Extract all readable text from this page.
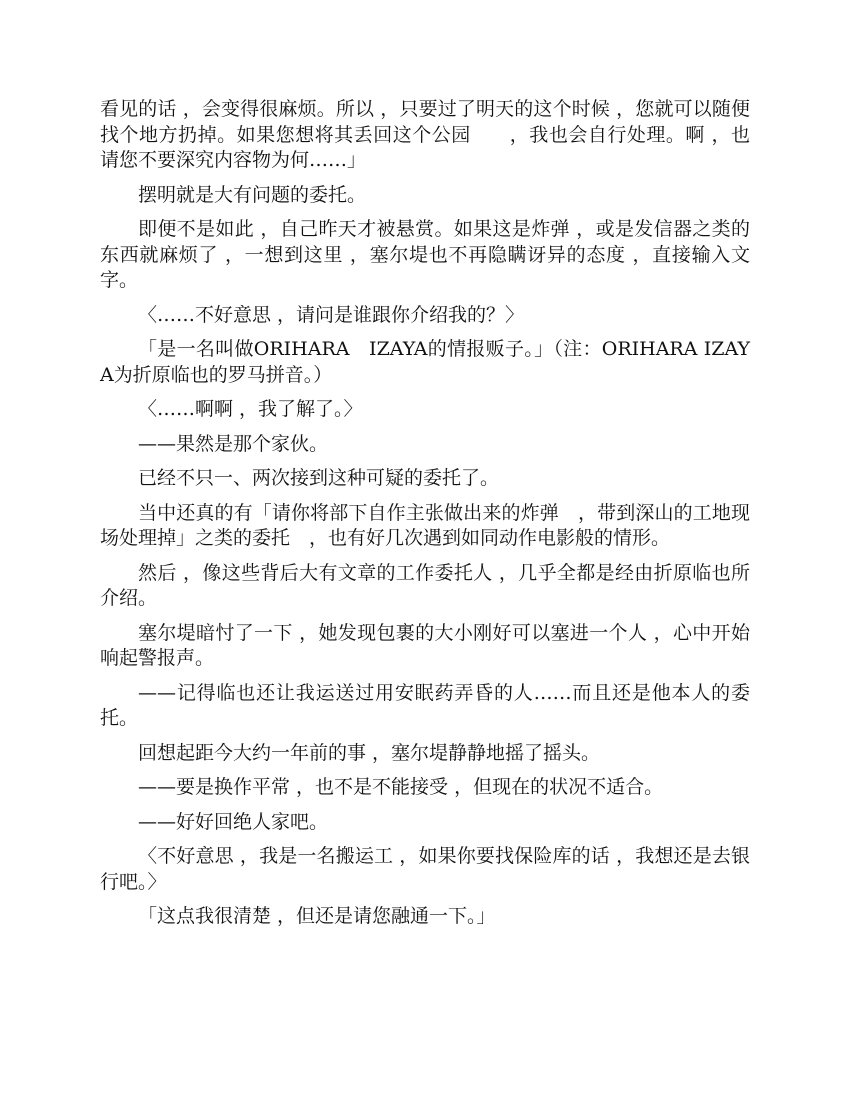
看见的话 ，会变得很麻烦。所以 ，只要过了明天的这个时候 ，您就可以随便找个地方扔掉。如果您想将其丢回这个公园　　，我也会自行处理。啊 ，也请您不要深究内容物为何……」

摆明就是大有问题的委托。

即便不是如此 ，自己昨天才被悬赏。如果这是炸弹 ，或是发信器之类的东西就麻烦了 ，一想到这里 ，塞尔堤也不再隐瞒讶异的态度 ，直接输入文字。

〈……不好意思 ，请问是谁跟你介绍我的？〉

「是一名叫做ORIHARA　IZAYA的情报贩子。」（注：ORIHARA IZAYA为折原临也的罗马拼音。）

〈……啊啊 ，我了解了。〉

——果然是那个家伙。

已经不只一、两次接到这种可疑的委托了。

当中还真的有「请你将部下自作主张做出来的炸弹　，带到深山的工地现场处理掉」之类的委托　，也有好几次遇到如同动作电影般的情形。

然后 ，像这些背后大有文章的工作委托人 ，几乎全都是经由折原临也所介绍。

塞尔堤暗忖了一下 ，她发现包裹的大小刚好可以塞进一个人 ，心中开始响起警报声。

——记得临也还让我运送过用安眠药弄昏的人……而且还是他本人的委托。

回想起距今大约一年前的事 ，塞尔堤静静地摇了摇头。

——要是换作平常 ，也不是不能接受 ，但现在的状况不适合。

——好好回绝人家吧。

〈不好意思 ，我是一名搬运工 ，如果你要找保险库的话 ，我想还是去银行吧。〉

「这点我很清楚 ，但还是请您融通一下。」
